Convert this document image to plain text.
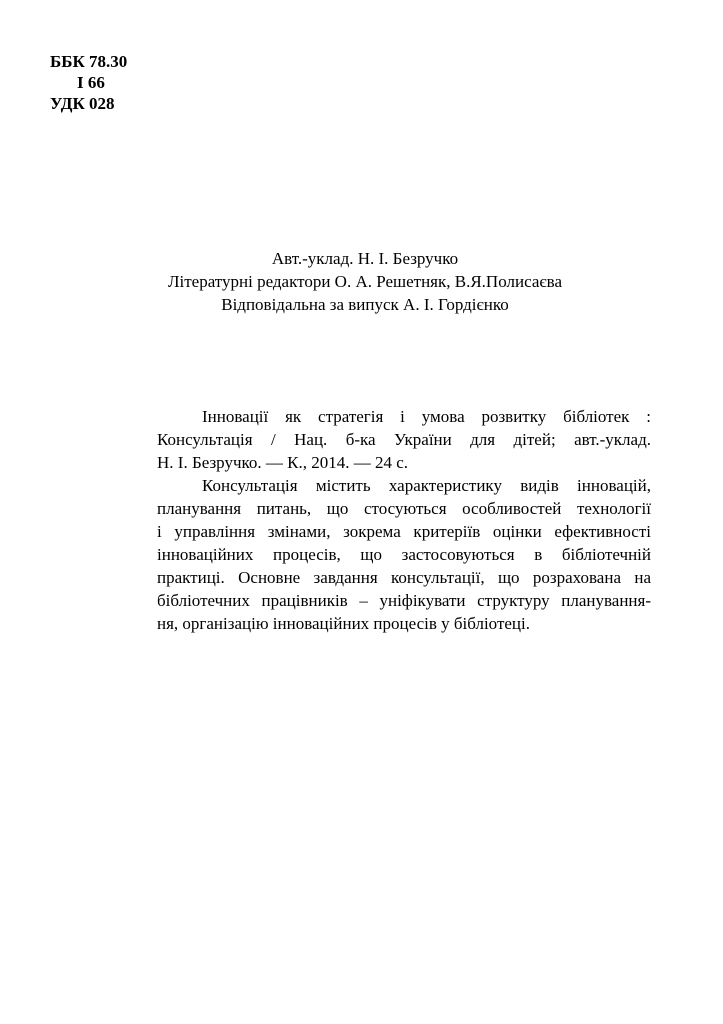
ББК 78.30
І 66
УДК 028
Авт.-уклад. Н. І. Безручко
Літературні редактори О. А. Решетняк, В.Я.Полисаєва
Відповідальна за випуск А. І. Гордієнко
Інновації як стратегія і умова розвитку бібліотек :
Консультація / Нац. б-ка України для дітей; авт.-уклад.
Н. І. Безручко. — К., 2014. — 24 с.
Консультація містить характеристику видів інновацій,
планування питань, що стосуються особливостей технології
і управління змінами, зокрема критеріїв оцінки ефективності
інноваційних процесів, що застосовуються в бібліотечній
практиці. Основне завдання консультації, що розрахована на
бібліотечних працівників – уніфікувати структуру планування-
ня, організацію інноваційних процесів у бібліотеці.
